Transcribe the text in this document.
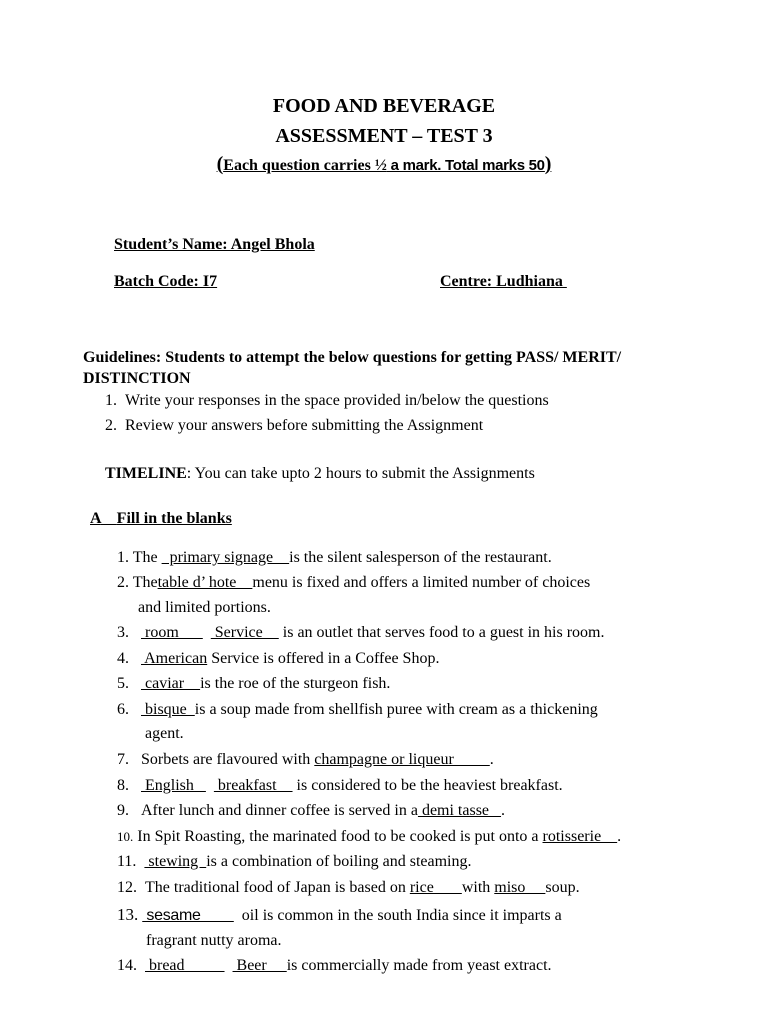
FOOD AND BEVERAGE
ASSESSMENT – TEST 3
(Each question carries ½ a mark. Total marks 50)
Student’s Name: Angel Bhola
Batch Code: I7	Centre: Ludhiana
Guidelines: Students to attempt the below questions for getting PASS/ MERIT/
DISTINCTION
1. Write your responses in the space provided in/below the questions
2. Review your answers before submitting the Assignment
TIMELINE: You can take upto 2 hours to submit the Assignments
A Fill in the blanks
1. The   primary signage    is the silent salesperson of the restaurant.
2. Thetable d’ hote    menu is fixed and offers a limited number of choices
and limited portions.
3.    room         Service     is an outlet that serves food to a guest in his room.
4.    American Service is offered in a Coffee Shop.
5.    caviar    is the roe of the sturgeon fish.
6.    bisque  is a soup made from shellfish puree with cream as a thickening
agent.
7. Sorbets are flavoured with champagne or liqueur         .
8.    English      breakfast     is considered to be the heaviest breakfast.
9. After lunch and dinner coffee is served in a demi tasse   .
10. In Spit Roasting, the marinated food to be cooked is put onto a rotisserie    .
11.   stewing  is a combination of boiling and steaming.
12. The traditional food of Japan is based on rice       with miso     soup.
13.  sesame          oil is common in the south India since it imparts a
fragrant nutty aroma.
14.   bread             Beer     is commercially made from yeast extract.
